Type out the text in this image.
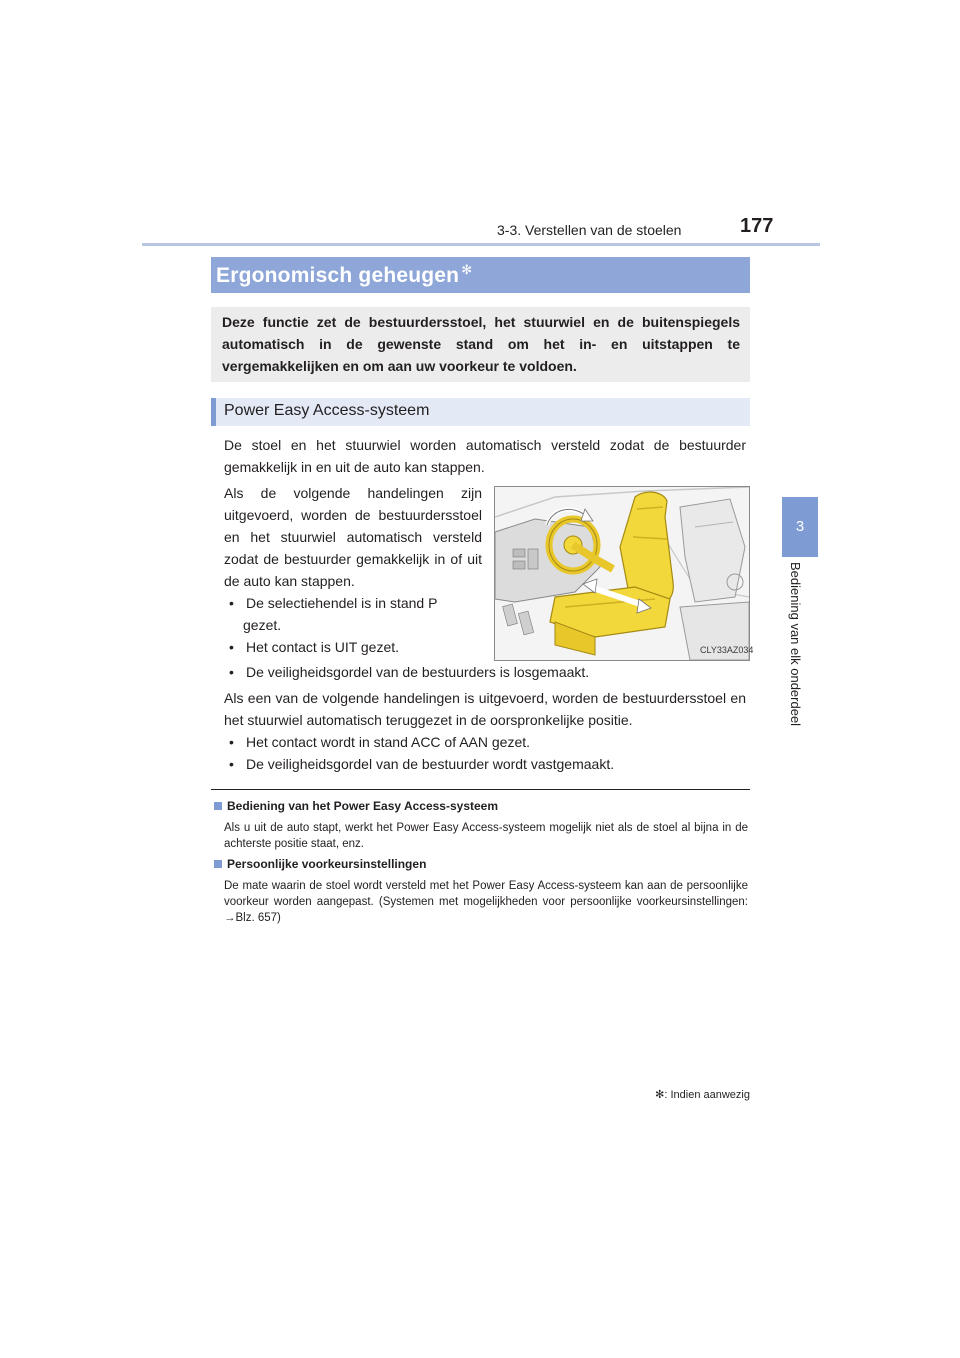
3-3. Verstellen van de stoelen	177
3
Bediening van elk onderdeel
Ergonomisch geheugen ✻
Deze functie zet de bestuurdersstoel, het stuurwiel en de buitenspiegels automatisch in de gewenste stand om het in- en uitstappen te vergemakkelijken en om aan uw voorkeur te voldoen.
Power Easy Access-systeem
De stoel en het stuurwiel worden automatisch versteld zodat de bestuurder gemakkelijk in en uit de auto kan stappen.
Als de volgende handelingen zijn uitgevoerd, worden de bestuurdersstoel en het stuurwiel automatisch versteld zodat de bestuurder gemakkelijk in of uit de auto kan stappen.
• De selectiehendel is in stand P
gezet.
• Het contact is UIT gezet.
• De veiligheidsgordel van de bestuurders is losgemaakt.
Als een van de volgende handelingen is uitgevoerd, worden de bestuurdersstoel en het stuurwiel automatisch teruggezet in de oorspronkelijke positie.
• Het contact wordt in stand ACC of AAN gezet.
• De veiligheidsgordel van de bestuurder wordt vastgemaakt.
CLY33AZ034
Bediening van het Power Easy Access-systeem
Als u uit de auto stapt, werkt het Power Easy Access-systeem mogelijk niet als de stoel al bijna in de achterste positie staat, enz.
Persoonlijke voorkeursinstellingen
De mate waarin de stoel wordt versteld met het Power Easy Access-systeem kan aan de persoonlijke voorkeur worden aangepast. (Systemen met mogelijkheden voor persoonlijke voorkeursinstellingen: →Blz. 657)
✻: Indien aanwezig
